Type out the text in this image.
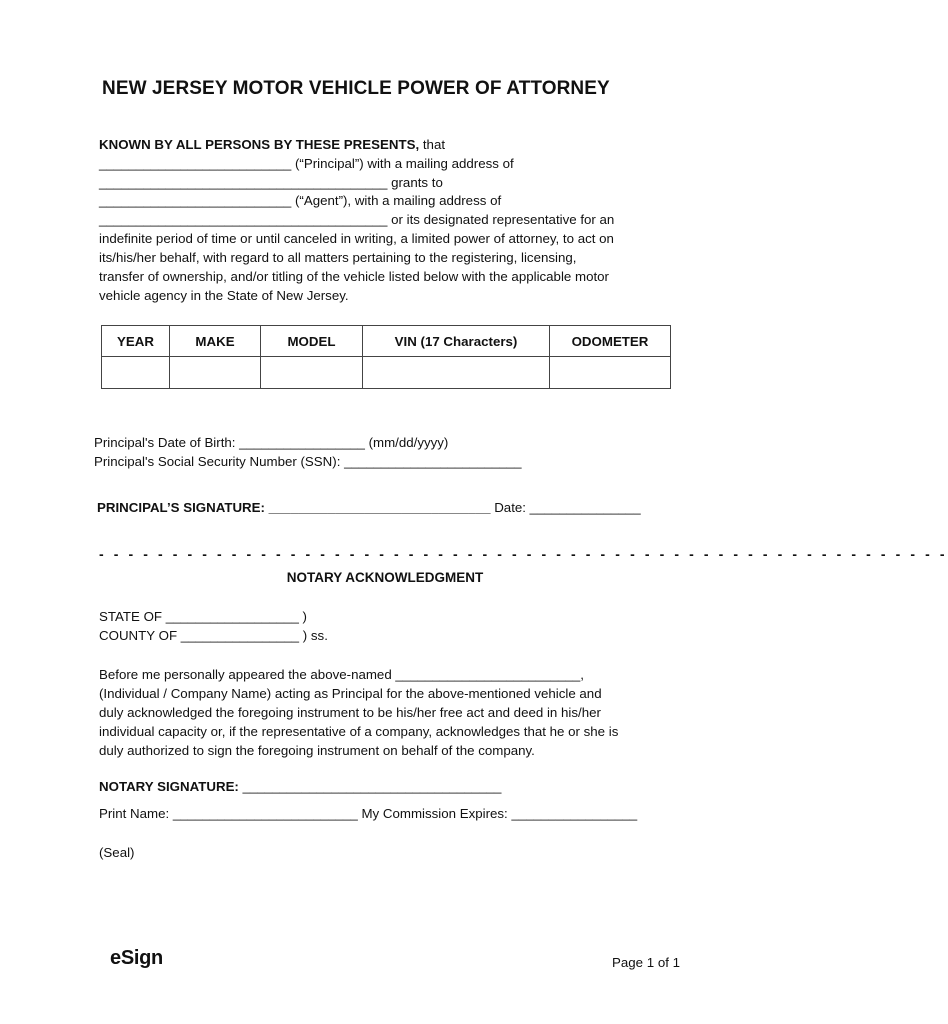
NEW JERSEY MOTOR VEHICLE POWER OF ATTORNEY
KNOWN BY ALL PERSONS BY THESE PRESENTS, that
__________________________ (“Principal”) with a mailing address of
_______________________________________ grants to
__________________________ (“Agent”), with a mailing address of
_______________________________________ or its designated representative for an
indefinite period of time or until canceled in writing, a limited power of attorney, to act on
its/his/her behalf, with regard to all matters pertaining to the registering, licensing,
transfer of ownership, and/or titling of the vehicle listed below with the applicable motor
vehicle agency in the State of New Jersey.
YEAR	MAKE	MODEL	VIN (17 Characters)	ODOMETER

Principal's Date of Birth: _________________ (mm/dd/yyyy)
Principal's Social Security Number (SSN): ________________________
PRINCIPAL’S SIGNATURE: ______________________________ Date: _______________
- - - - - - - - - - - - - - - - - - - - - - - - - - - - - - - - - - - - - - - - - - - - - - - - - - - - - - - - - -
NOTARY ACKNOWLEDGMENT
STATE OF __________________ )
COUNTY OF ________________ ) ss.
Before me personally appeared the above-named _________________________,
(Individual / Company Name) acting as Principal for the above-mentioned vehicle and
duly acknowledged the foregoing instrument to be his/her free act and deed in his/her
individual capacity or, if the representative of a company, acknowledges that he or she is
duly authorized to sign the foregoing instrument on behalf of the company.
NOTARY SIGNATURE: ___________________________________
Print Name: _________________________ My Commission Expires: _________________
(Seal)
eSign	Page 1 of 1
